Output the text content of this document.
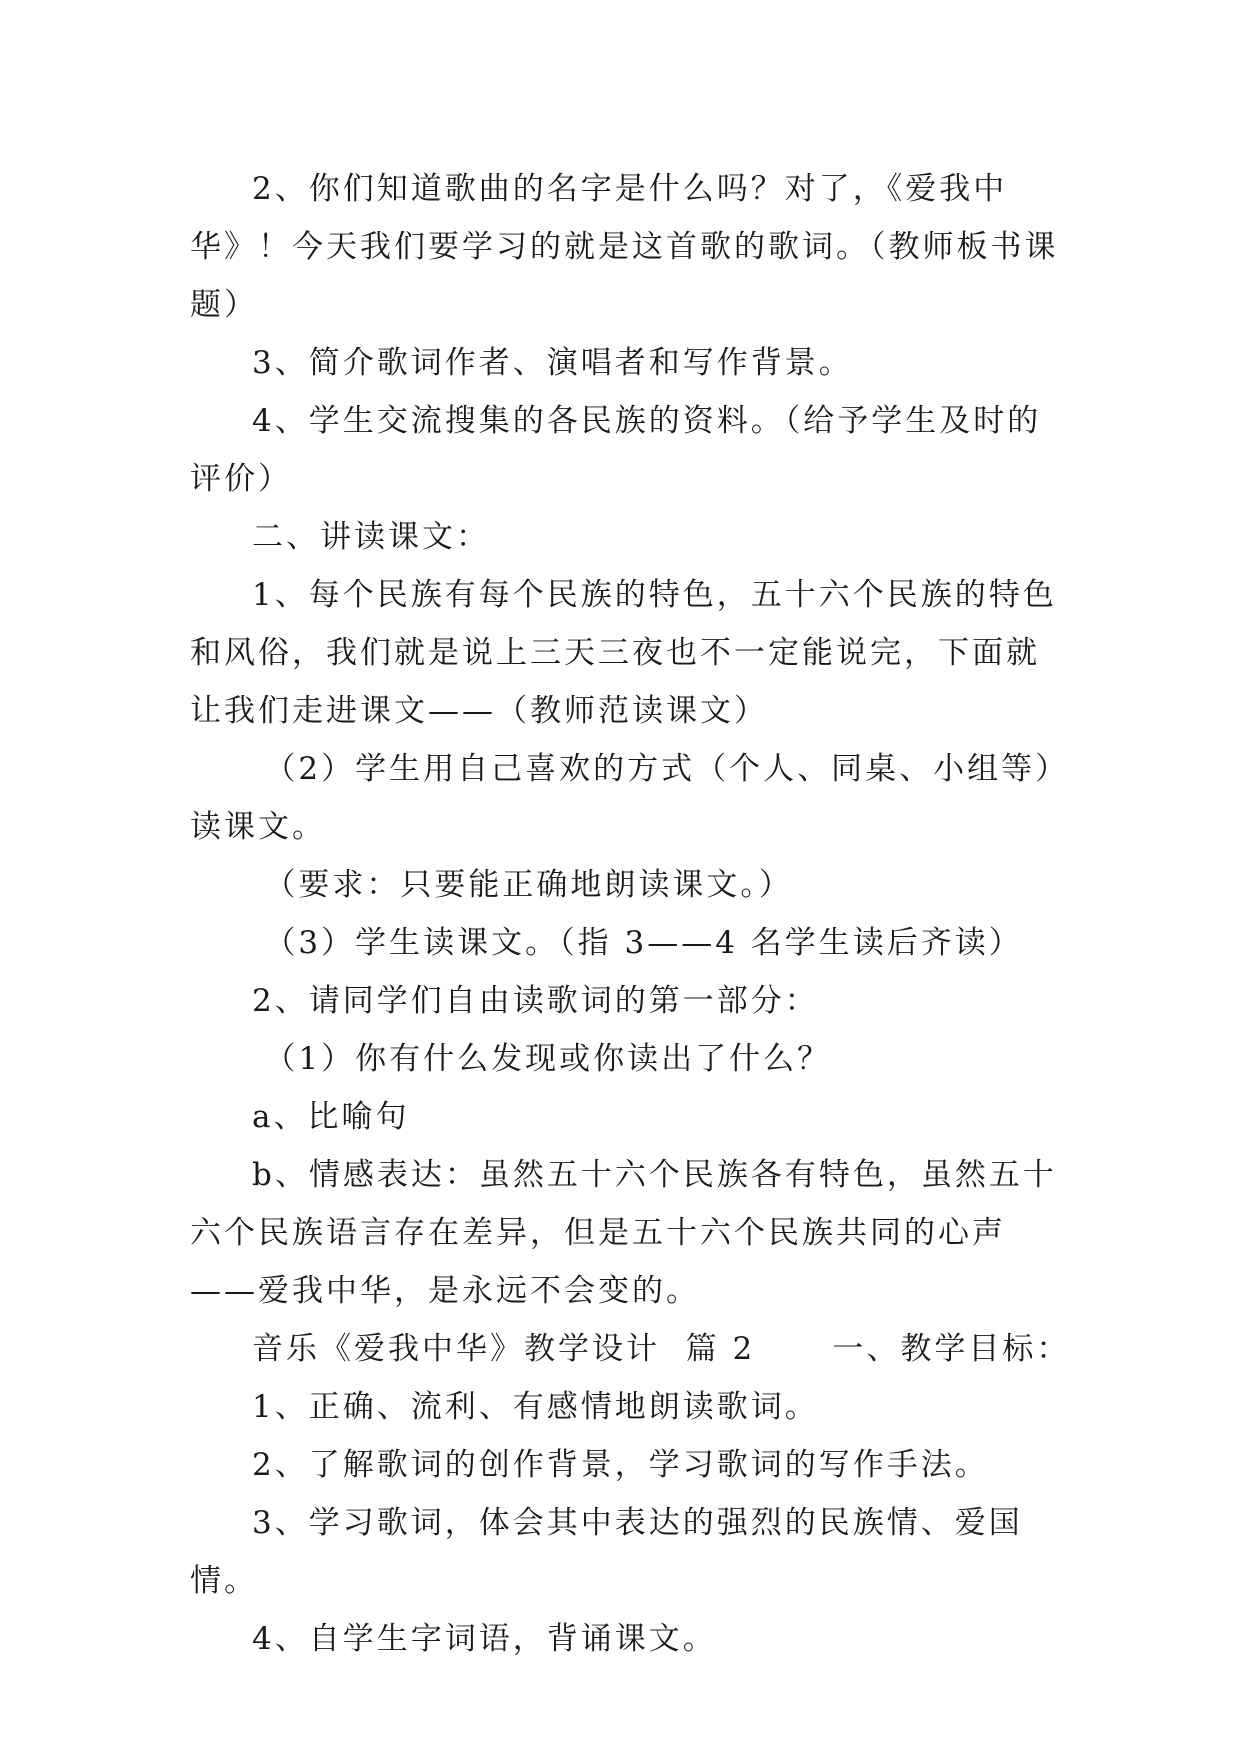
2、你们知道歌曲的名字是什么吗？对了，《爱我中华》！今天我们要学习的就是这首歌的歌词。（教师板书课题）

3、简介歌词作者、演唱者和写作背景。

4、学生交流搜集的各民族的资料。（给予学生及时的评价）

二、讲读课文：

1、每个民族有每个民族的特色，五十六个民族的特色和风俗，我们就是说上三天三夜也不一定能说完，下面就让我们走进课文——（教师范读课文）

（2）学生用自己喜欢的方式（个人、同桌、小组等）读课文。

（要求：只要能正确地朗读课文。）

（3）学生读课文。（指 3——4 名学生读后齐读）

2、请同学们自由读歌词的第一部分：

（1）你有什么发现或你读出了什么？

a、比喻句

b、情感表达：虽然五十六个民族各有特色，虽然五十六个民族语言存在差异，但是五十六个民族共同的心声——爱我中华，是永远不会变的。

音乐《爱我中华》教学设计  篇 2      一、教学目标：

1、正确、流利、有感情地朗读歌词。

2、了解歌词的创作背景，学习歌词的写作手法。

3、学习歌词，体会其中表达的强烈的民族情、爱国情。

4、自学生字词语，背诵课文。
